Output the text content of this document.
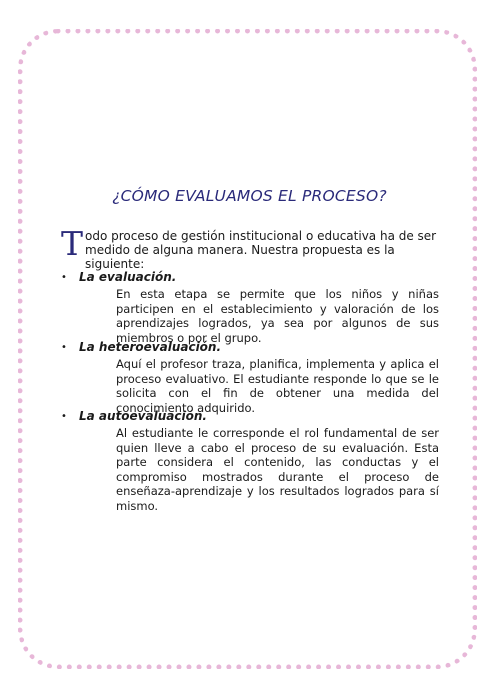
¿CÓMO EVALUAMOS EL PROCESO?
T odo proceso de gestión institucional o educativa ha de ser medido de alguna manera. Nuestra propuesta es la siguiente:

•	La evaluación.
En esta etapa se permite que los niños y niñas participen en el establecimiento y valoración de los aprendizajes logrados, ya sea por algunos de sus miembros o por el grupo.
•	La heteroevaluación.
Aquí el profesor traza, planifica, implementa y aplica el proceso evaluativo. El estudiante responde lo que se le solicita con el fin de obtener una medida del conocimiento adquirido.
•	La autoevaluación.
Al estudiante le corresponde el rol fundamental de ser quien lleve a cabo el proceso de su evaluación. Esta parte considera el contenido, las conductas y el compromiso mostrados durante el proceso de enseñaza-aprendizaje y los resultados logrados para sí mismo.
